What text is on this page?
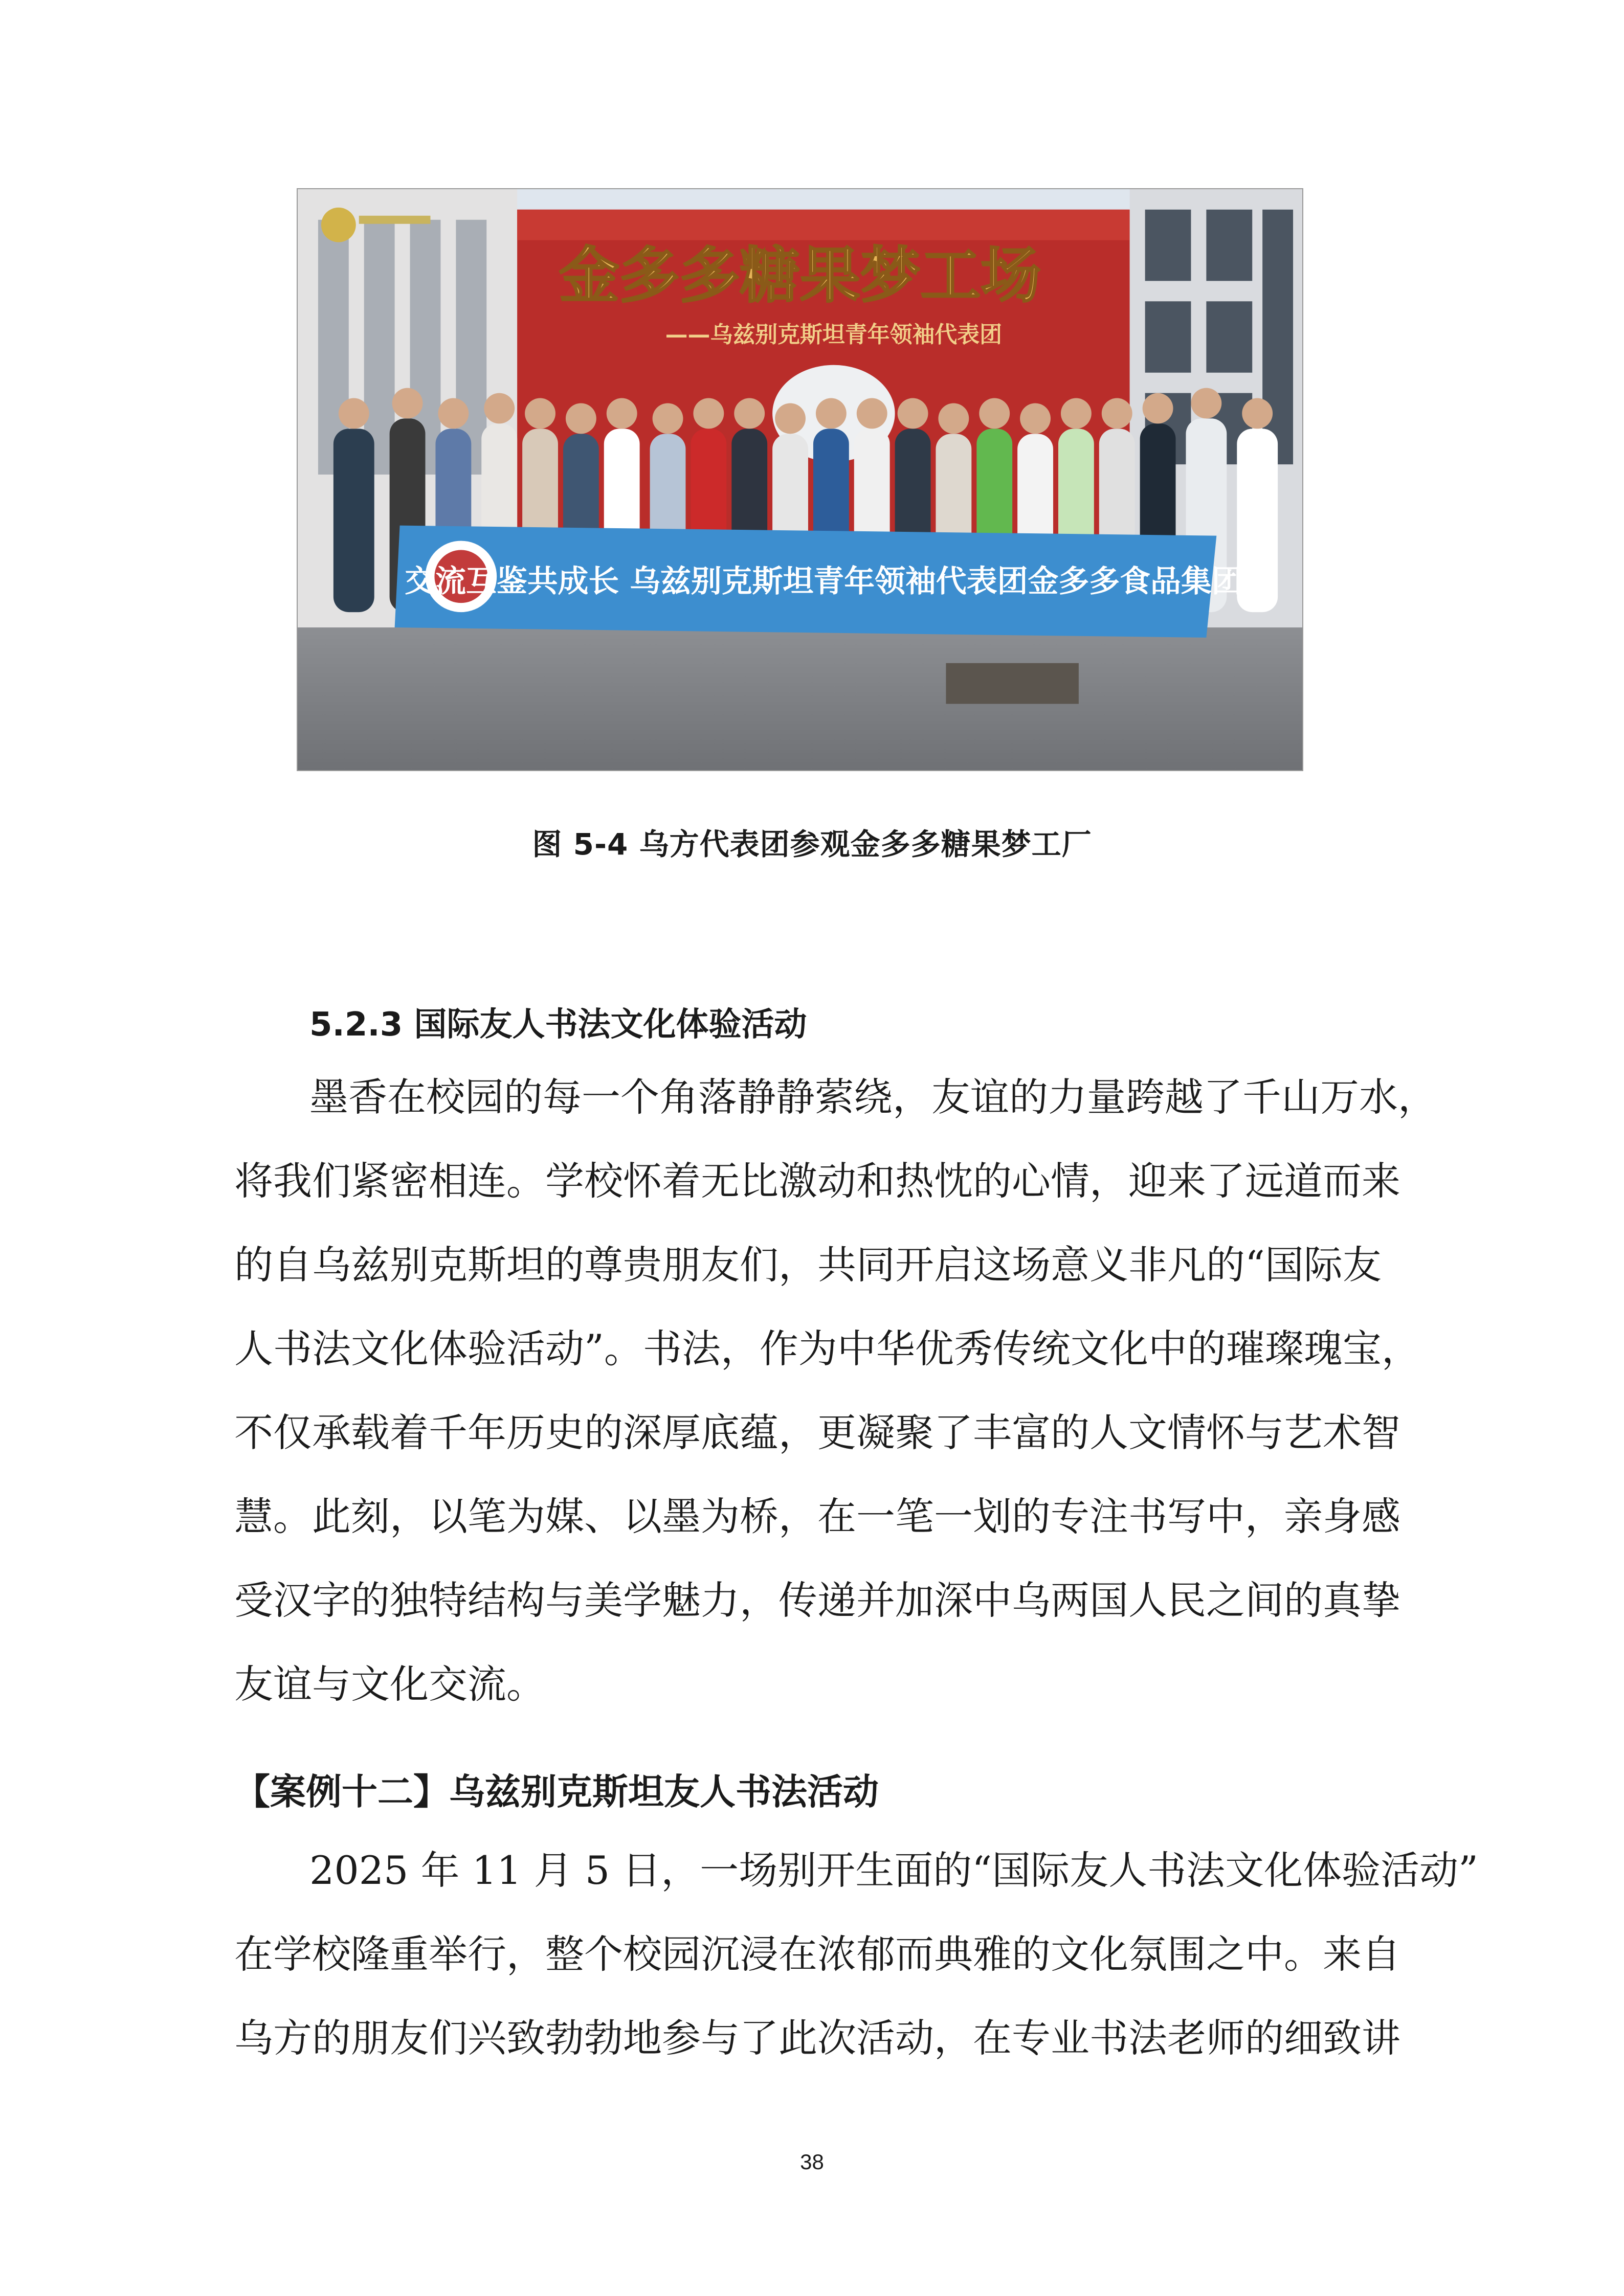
金多多糖果梦工场
——乌兹别克斯坦青年领袖代表团
交流互鉴共成长 乌兹别克斯坦青年领袖代表团金多多食品集团行
图 5-4 乌方代表团参观金多多糖果梦工厂
5.2.3 国际友人书法文化体验活动
墨香在校园的每一个角落静静萦绕，友谊的力量跨越了千山万水，
将我们紧密相连。学校怀着无比激动和热忱的心情，迎来了远道而来
的自乌兹别克斯坦的尊贵朋友们，共同开启这场意义非凡的“国际友
人书法文化体验活动”。书法，作为中华优秀传统文化中的璀璨瑰宝，
不仅承载着千年历史的深厚底蕴，更凝聚了丰富的人文情怀与艺术智
慧。此刻，以笔为媒、以墨为桥，在一笔一划的专注书写中，亲身感
受汉字的独特结构与美学魅力，传递并加深中乌两国人民之间的真挚
友谊与文化交流。
【案例十二】乌兹别克斯坦友人书法活动
2025 年 11 月 5 日，一场别开生面的“国际友人书法文化体验活动”
在学校隆重举行，整个校园沉浸在浓郁而典雅的文化氛围之中。来自
乌方的朋友们兴致勃勃地参与了此次活动，在专业书法老师的细致讲
38
